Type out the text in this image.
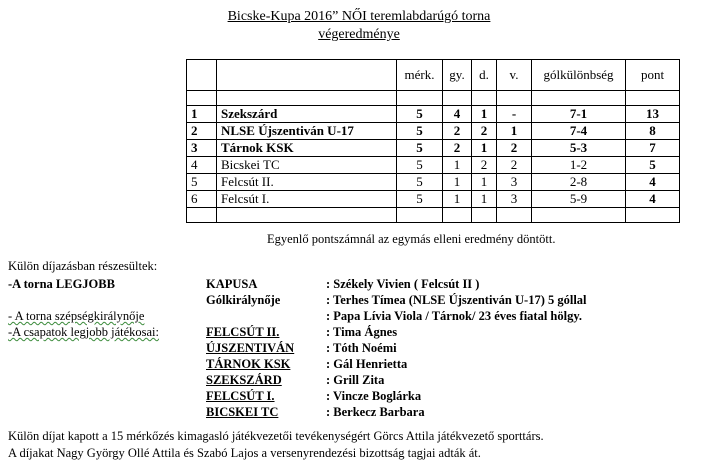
Bicske-Kupa 2016” NŐI teremlabdarúgó torna
végeredménye
		mérk.	gy.	d.	v.	gólkülönbség	pont

1	Szekszárd	5	4	1	-	7-1	13
2	NLSE Újszentiván U-17	5	2	2	1	7-4	8
3	Tárnok KSK	5	2	1	2	5-3	7
4	Bicskei TC	5	1	2	2	1-2	5
5	Felcsút II.	5	1	1	3	2-8	4
6	Felcsút I.	5	1	1	3	5-9	4

Egyenlő pontszámnál az egymás elleni eredmény döntött.
Külön díjazásban részesültek:
-A torna LEGJOBB	KAPUSA	: Székely Vivien ( Felcsút II )
Gólkirálynője	: Terhes Tímea (NLSE Újszentiván U-17) 5 góllal
- A torna szépségkirálynője	: Papa Lívia Viola / Tárnok/ 23 éves fiatal hölgy.
-A csapatok legjobb játékosai:	FELCSÚT II.	: Tima Ágnes
ÚJSZENTIVÁN	: Tóth Noémi
TÁRNOK KSK	: Gál Henrietta
SZEKSZÁRD	: Grill Zita
FELCSÚT I.	: Vincze Boglárka
BICSKEI TC	: Berkecz Barbara
Külön díjat kapott a 15 mérkőzés kimagasló játékvezetői tevékenységért Görcs Attila játékvezető sporttárs.
A díjakat Nagy György Ollé Attila és Szabó Lajos a versenyrendezési bizottság tagjai adták át.
